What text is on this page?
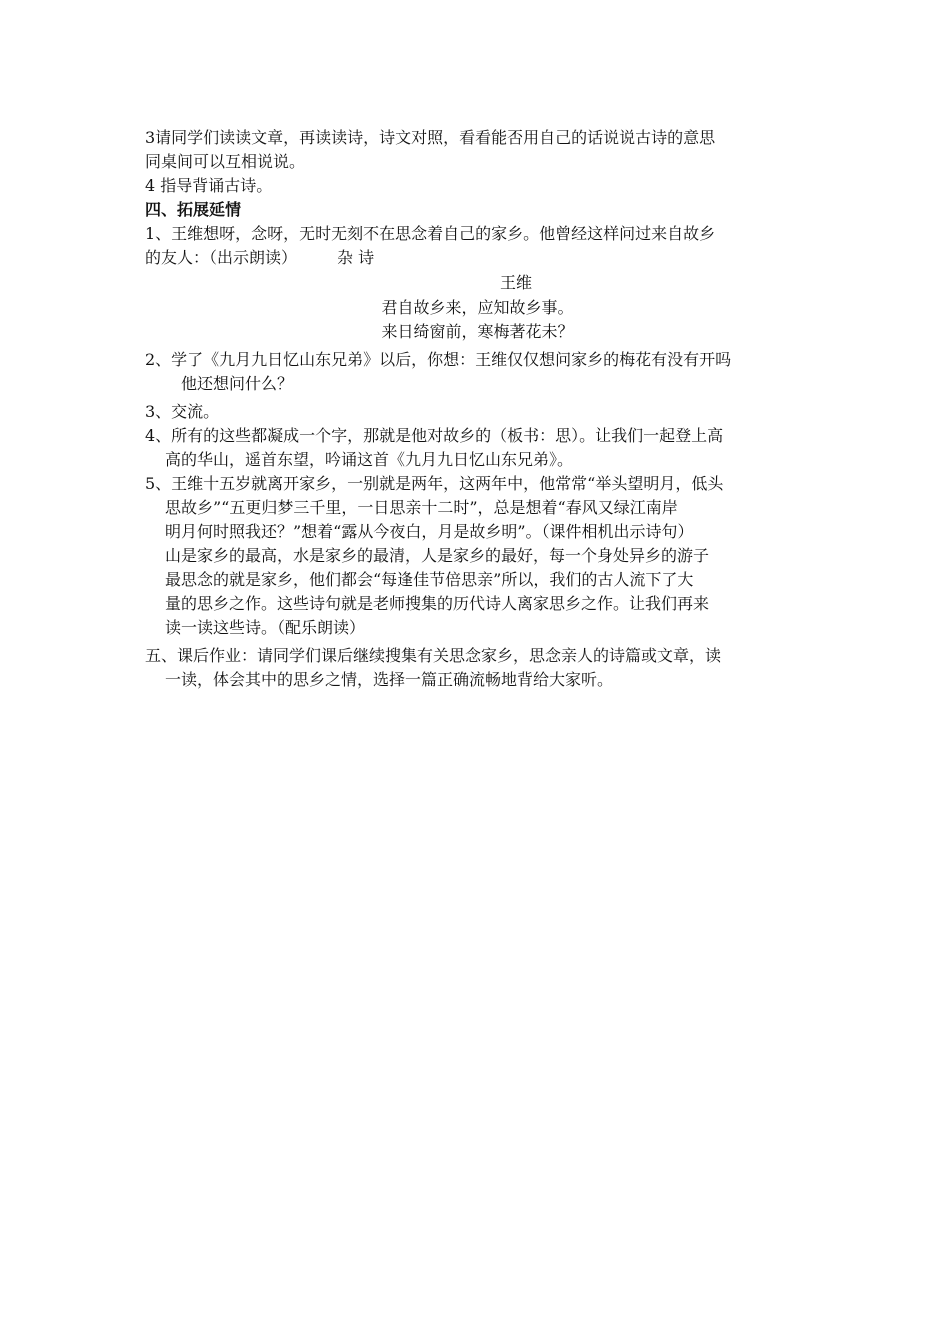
3请同学们读读文章，再读读诗，诗文对照，看看能否用自己的话说说古诗的意思
同桌间可以互相说说。
4 指导背诵古诗。
四、拓展延情
1、王维想呀，念呀，无时无刻不在思念着自己的家乡。他曾经这样问过来自故乡
的友人：（出示朗读）	杂 诗
王维
君自故乡来，应知故乡事。
来日绮窗前，寒梅著花未？
2、学了《九月九日忆山东兄弟》以后，你想：王维仅仅想问家乡的梅花有没有开吗
他还想问什么？
3、交流。
4、所有的这些都凝成一个字，那就是他对故乡的（板书：思）。让我们一起登上高
高的华山，遥首东望，吟诵这首《九月九日忆山东兄弟》。
5、王维十五岁就离开家乡，一别就是两年，这两年中，他常常“举头望明月，低头
思故乡”“五更归梦三千里，一日思亲十二时”，总是想着“春风又绿江南岸
明月何时照我还？”想着“露从今夜白，月是故乡明”。（课件相机出示诗句）
山是家乡的最高，水是家乡的最清，人是家乡的最好，每一个身处异乡的游子
最思念的就是家乡，他们都会“每逢佳节倍思亲”所以，我们的古人流下了大
量的思乡之作。这些诗句就是老师搜集的历代诗人离家思乡之作。让我们再来
读一读这些诗。（配乐朗读）
五、课后作业：请同学们课后继续搜集有关思念家乡，思念亲人的诗篇或文章，读
一读，体会其中的思乡之情，选择一篇正确流畅地背给大家听。
